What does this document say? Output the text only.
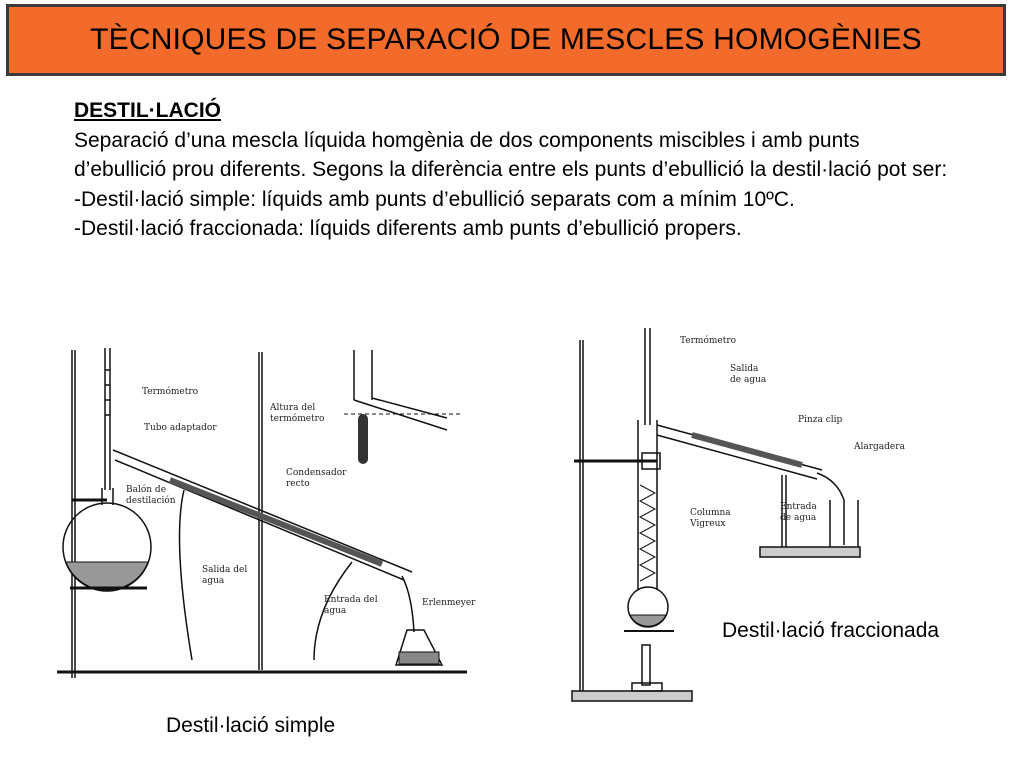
TÈCNIQUES DE SEPARACIÓ DE MESCLES HOMOGÈNIES
DESTIL·LACIÓ
Separació d’una mescla líquida homgènia de dos components miscibles i amb punts d’ebullició prou diferents. Segons la diferència entre els punts d’ebullició la destil·lació pot ser:
-Destil·lació simple: líquids amb punts d’ebullició separats com a mínim 10ºC.
-Destil·lació fraccionada: líquids diferents amb punts d’ebullició propers.
Termómetro
Tubo adaptador
Balón de
destilación
Altura del
termómetro
Condensador
recto
Salida del
agua
Entrada del
agua
Erlenmeyer
Destil·lació simple
Termómetro
Salida
de agua
Pinza clip
Alargadera
Columna
Vigreux
Entrada
de agua
Destil·lació fraccionada
